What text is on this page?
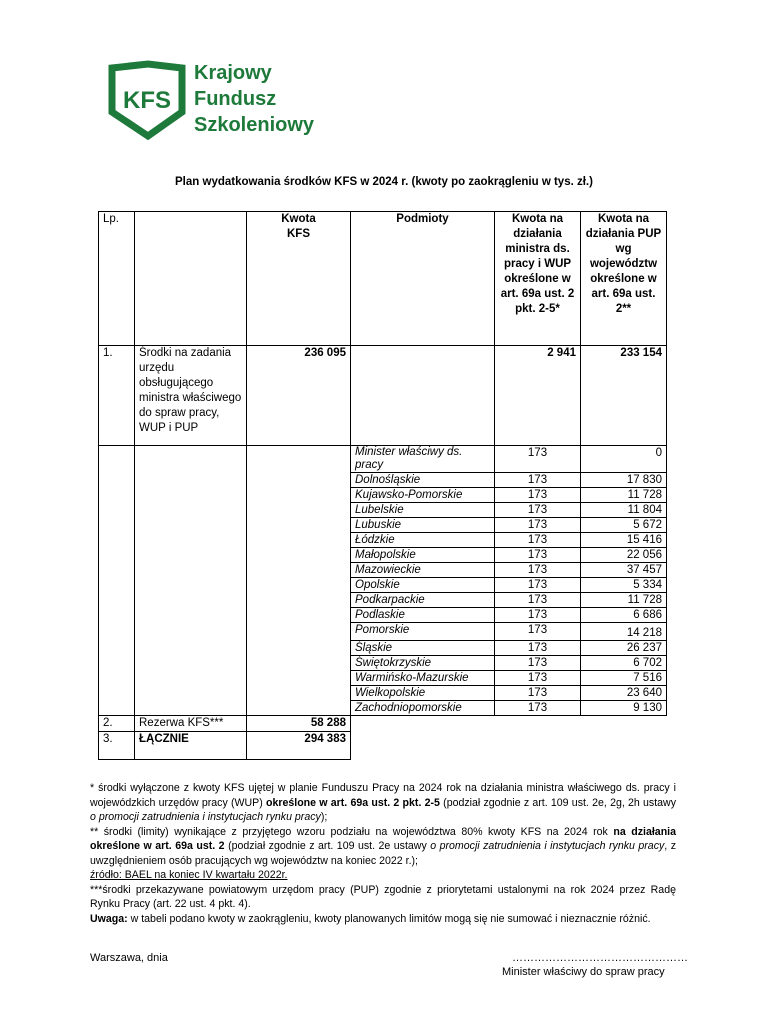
KFS
Krajowy
Fundusz
Szkoleniowy
Plan wydatkowania środków KFS w 2024 r. (kwoty po zaokrągleniu w tys. zł.)
Lp.		Kwota KFS	Podmioty	Kwota na działania ministra ds. pracy i WUP określone w art. 69a ust. 2 pkt. 2-5*	Kwota na działania PUP wg województw określone w art. 69a ust. 2**
1.	Środki na zadania urzędu obsługującego ministra właściwego do spraw pracy, WUP i PUP	236 095		2 941	233 154
			Minister właściwy ds. pracy	173	0
			Dolnośląskie	173	17 830
			Kujawsko-Pomorskie	173	11 728
			Lubelskie	173	11 804
			Lubuskie	173	5 672
			Łódzkie	173	15 416
			Małopolskie	173	22 056
			Mazowieckie	173	37 457
			Opolskie	173	5 334
			Podkarpackie	173	11 728
			Podlaskie	173	6 686
			Pomorskie	173	14 218
			Śląskie	173	26 237
			Świętokrzyskie	173	6 702
			Warmińsko-Mazurskie	173	7 516
			Wielkopolskie	173	23 640
			Zachodniopomorskie	173	9 130
2.	Rezerwa KFS***	58 288			
3.	ŁĄCZNIE	294 383			

* środki wyłączone z kwoty KFS ujętej w planie Funduszu Pracy na 2024 rok na działania ministra właściwego ds. pracy i wojewódzkich urzędów pracy (WUP) określone w art. 69a ust. 2 pkt. 2-5 (podział zgodnie z art. 109 ust. 2e, 2g, 2h ustawy o promocji zatrudnienia i instytucjach rynku pracy);

** środki (limity) wynikające z przyjętego wzoru podziału na województwa 80% kwoty KFS na 2024 rok na działania określone w art. 69a ust. 2 (podział zgodnie z art. 109 ust. 2e ustawy o promocji zatrudnienia i instytucjach rynku pracy, z uwzględnieniem osób pracujących wg województw na koniec 2022 r.);

źródło: BAEL na koniec IV kwartału 2022r.

***środki przekazywane powiatowym urzędom pracy (PUP) zgodnie z priorytetami ustalonymi na rok 2024 przez Radę Rynku Pracy (art. 22 ust. 4 pkt. 4).

Uwaga: w tabeli podano kwoty w zaokrągleniu, kwoty planowanych limitów mogą się nie sumować i nieznacznie różnić.

Warszawa, dnia	…………………………………………
Minister właściwy do spraw pracy
